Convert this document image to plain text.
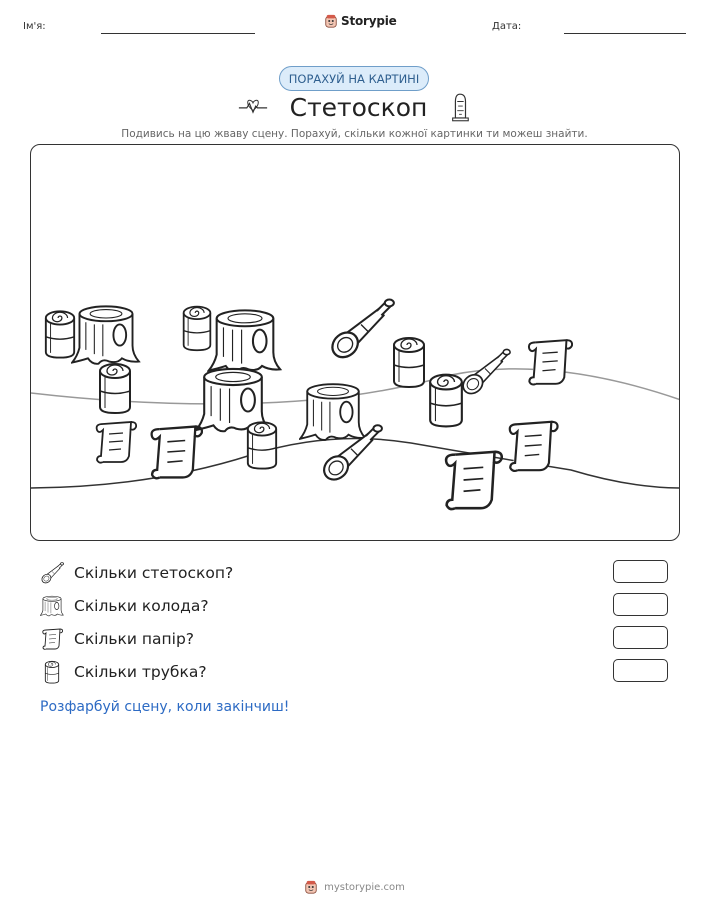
Ім'я:	Storypie	Дата:
ПОРАХУЙ НА КАРТИНІ
Стетоскоп
Подивись на цю жваву сцену. Порахуй, скільки кожної картинки ти можеш знайти.
Скільки стетоскоп?
Скільки колода?
Скільки папір?
Скільки трубка?
Розфарбуй сцену, коли закінчиш!
mystorypie.com
